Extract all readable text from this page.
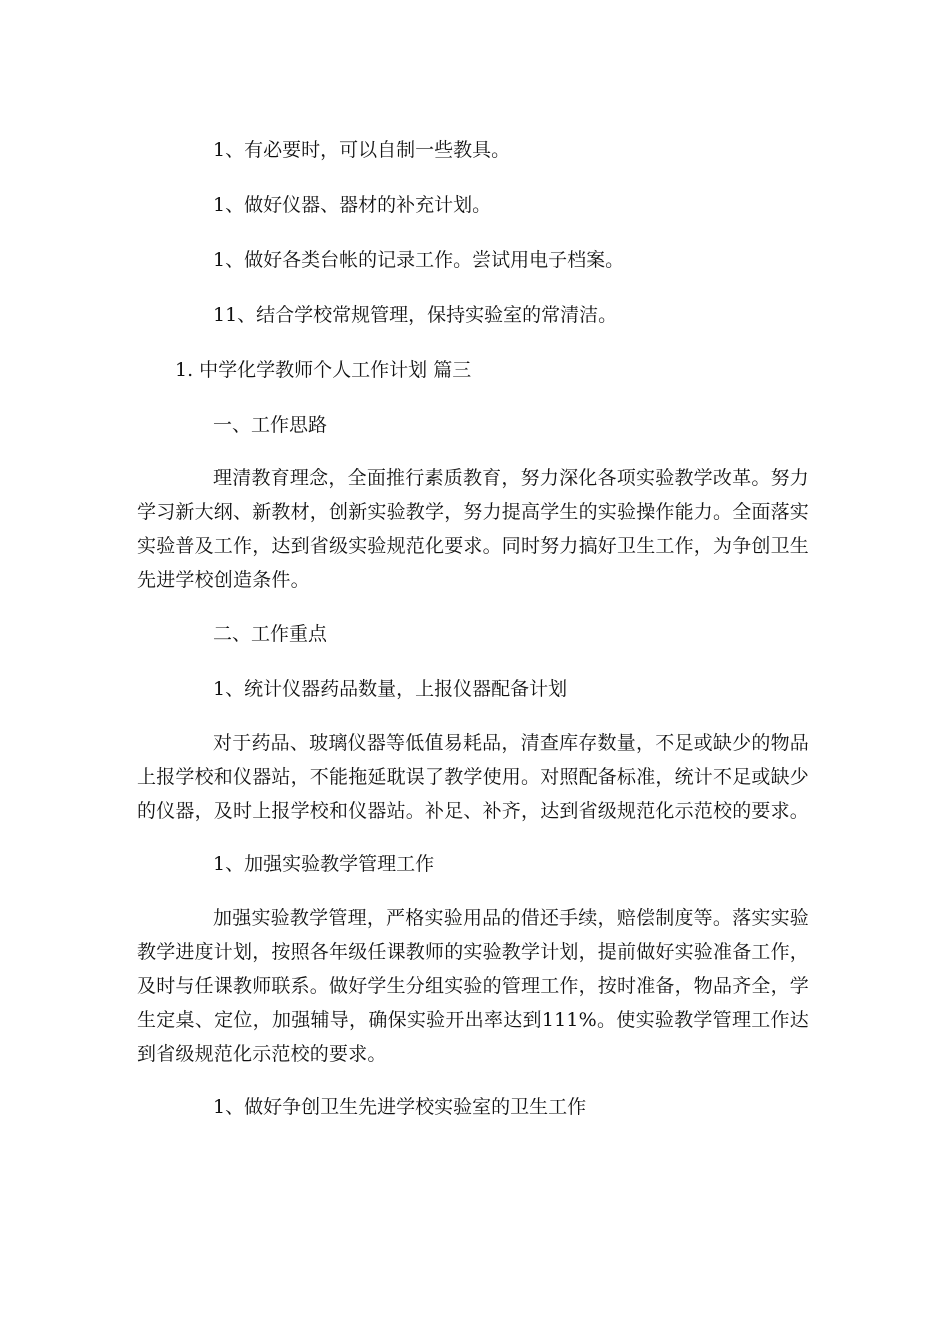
1、有必要时，可以自制一些教具。
1、做好仪器、器材的补充计划。
1、做好各类台帐的记录工作。尝试用电子档案。
11、结合学校常规管理，保持实验室的常清洁。
1. 中学化学教师个人工作计划 篇三
一、工作思路
理清教育理念，全面推行素质教育，努力深化各项实验教学改革。努力学习新大纲、新教材，创新实验教学，努力提高学生的实验操作能力。全面落实实验普及工作，达到省级实验规范化要求。同时努力搞好卫生工作，为争创卫生先进学校创造条件。
二、工作重点
1、统计仪器药品数量，上报仪器配备计划
对于药品、玻璃仪器等低值易耗品，清查库存数量，不足或缺少的物品上报学校和仪器站，不能拖延耽误了教学使用。对照配备标准，统计不足或缺少的仪器，及时上报学校和仪器站。补足、补齐，达到省级规范化示范校的要求。
1、加强实验教学管理工作
加强实验教学管理，严格实验用品的借还手续，赔偿制度等。落实实验教学进度计划，按照各年级任课教师的实验教学计划，提前做好实验准备工作，及时与任课教师联系。做好学生分组实验的管理工作，按时准备，物品齐全，学生定桌、定位，加强辅导，确保实验开出率达到111%。使实验教学管理工作达到省级规范化示范校的要求。
1、做好争创卫生先进学校实验室的卫生工作
